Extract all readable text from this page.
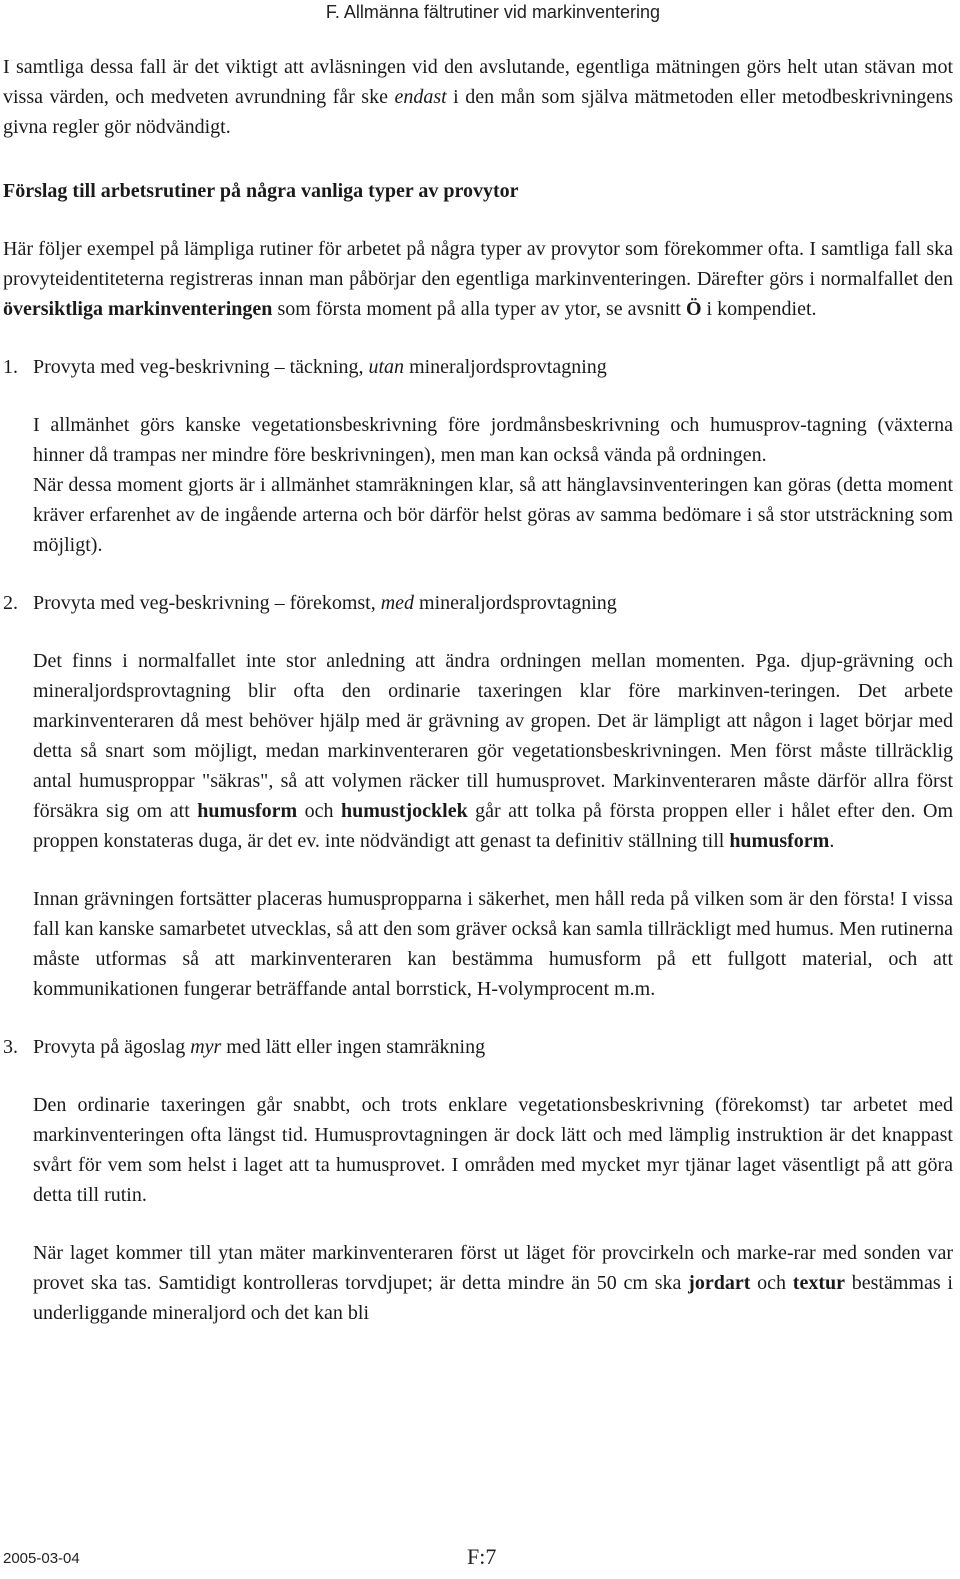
F. Allmänna fältrutiner vid markinventering

I samtliga dessa fall är det viktigt att avläsningen vid den avslutande, egentliga mätningen görs helt utan stävan mot vissa värden, och medveten avrundning får ske endast i den mån som själva mätmetoden eller metodbeskrivningens givna regler gör nödvändigt.

Förslag till arbetsrutiner på några vanliga typer av provytor

Här följer exempel på lämpliga rutiner för arbetet på några typer av provytor som förekommer ofta. I samtliga fall ska provyteidentiteterna registreras innan man påbörjar den egentliga markinventeringen. Därefter görs i normalfallet den översiktliga markinventeringen som första moment på alla typer av ytor, se avsnitt Ö i kompendiet.

1. Provyta med veg-beskrivning – täckning, utan mineraljordsprovtagning

I allmänhet görs kanske vegetationsbeskrivning före jordmånsbeskrivning och humusprov-tagning (växterna hinner då trampas ner mindre före beskrivningen), men man kan också vända på ordningen.

När dessa moment gjorts är i allmänhet stamräkningen klar, så att hänglavsinventeringen kan göras (detta moment kräver erfarenhet av de ingående arterna och bör därför helst göras av samma bedömare i så stor utsträckning som möjligt).

2. Provyta med veg-beskrivning – förekomst, med mineraljordsprovtagning

Det finns i normalfallet inte stor anledning att ändra ordningen mellan momenten. Pga. djup-grävning och mineraljordsprovtagning blir ofta den ordinarie taxeringen klar före markinven-teringen. Det arbete markinventeraren då mest behöver hjälp med är grävning av gropen. Det är lämpligt att någon i laget börjar med detta så snart som möjligt, medan markinventeraren gör vegetationsbeskrivningen. Men först måste tillräcklig antal humusproppar "säkras", så att volymen räcker till humusprovet. Markinventeraren måste därför allra först försäkra sig om att humusform och humustjocklek går att tolka på första proppen eller i hålet efter den. Om proppen konstateras duga, är det ev. inte nödvändigt att genast ta definitiv ställning till humusform.

Innan grävningen fortsätter placeras humuspropparna i säkerhet, men håll reda på vilken som är den första! I vissa fall kan kanske samarbetet utvecklas, så att den som gräver också kan samla tillräckligt med humus. Men rutinerna måste utformas så att markinventeraren kan bestämma humusform på ett fullgott material, och att kommunikationen fungerar beträffande antal borrstick, H-volymprocent m.m.

3. Provyta på ägoslag myr med lätt eller ingen stamräkning

Den ordinarie taxeringen går snabbt, och trots enklare vegetationsbeskrivning (förekomst) tar arbetet med markinventeringen ofta längst tid. Humusprovtagningen är dock lätt och med lämplig instruktion är det knappast svårt för vem som helst i laget att ta humusprovet. I områden med mycket myr tjänar laget väsentligt på att göra detta till rutin.

När laget kommer till ytan mäter markinventeraren först ut läget för provcirkeln och marke-rar med sonden var provet ska tas. Samtidigt kontrolleras torvdjupet; är detta mindre än 50 cm ska jordart och textur bestämmas i underliggande mineraljord och det kan bli

2005-03-04	F:7
